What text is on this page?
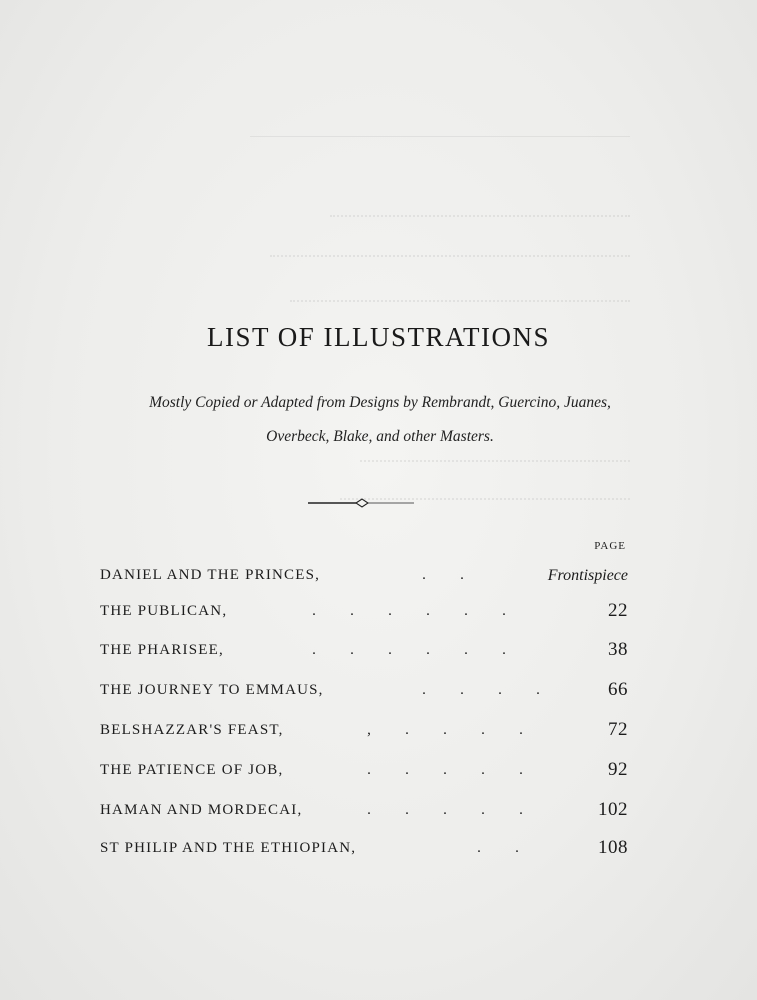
LIST OF ILLUSTRATIONS
Mostly Copied or Adapted from Designs by Rembrandt, Guercino, Juanes,
Overbeck, Blake, and other Masters.
PAGE
DANIEL AND THE PRINCES,	. .	Frontispiece
THE PUBLICAN,	. . . . . .	22
THE PHARISEE,	. . . . . .	38
THE JOURNEY TO EMMAUS,	. . . .	66
BELSHAZZAR'S FEAST,	, . . . .	72
THE PATIENCE OF JOB,	. . . . .	92
HAMAN AND MORDECAI,	. . . . .	102
ST PHILIP AND THE ETHIOPIAN,	. .	108
